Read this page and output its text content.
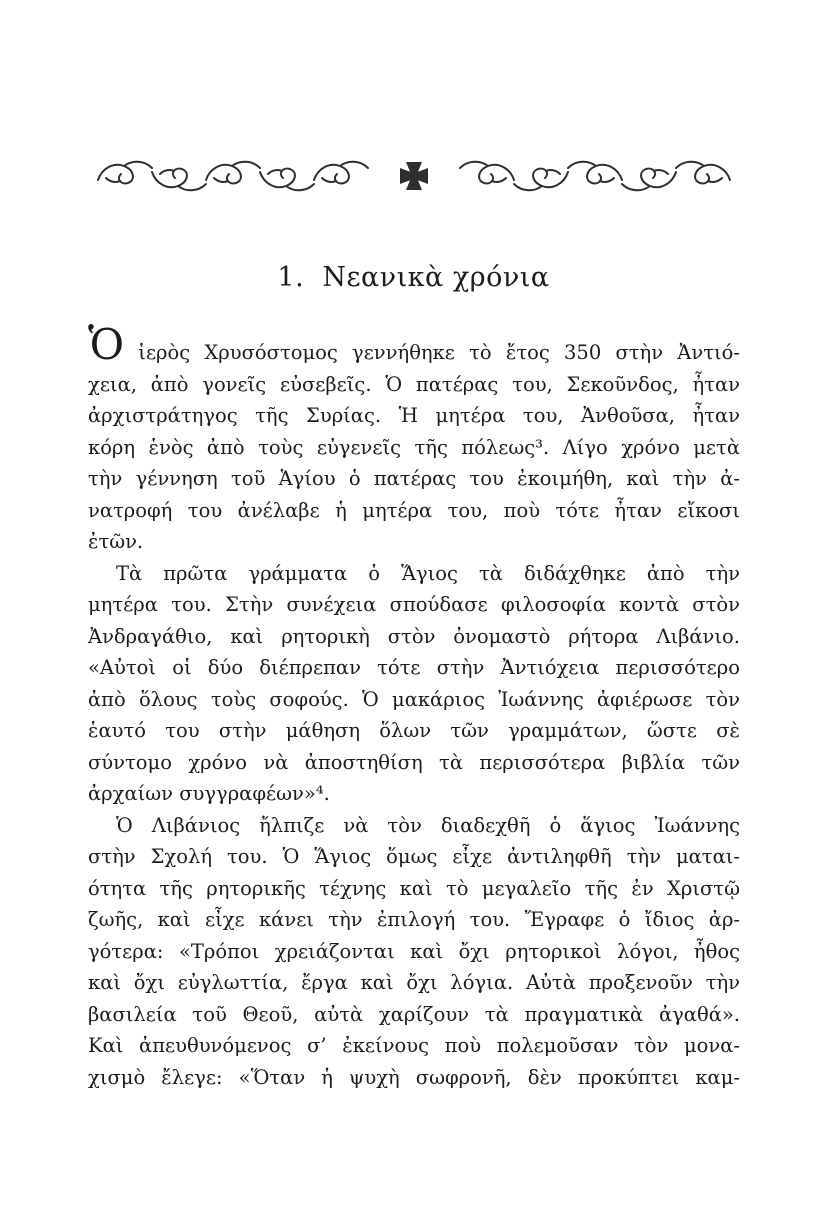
1.  Νεανικὰ χρόνια
Ὁ ἱερὸς Χρυσόστομος γεννήθηκε τὸ ἔτος 350 στὴν Ἀντιό-
χεια, ἀπὸ γονεῖς εὐσεβεῖς. Ὁ πατέρας του, Σεκοῦνδος, ἦταν
ἀρχιστράτηγος τῆς Συρίας. Ἡ μητέρα του, Ἀνθοῦσα, ἦταν
κόρη ἑνὸς ἀπὸ τοὺς εὐγενεῖς τῆς πόλεως³. Λίγο χρόνο μετὰ
τὴν γέννηση τοῦ Ἁγίου ὁ πατέρας του ἐκοιμήθη, καὶ τὴν ἀ-
νατροφή του ἀνέλαβε ἡ μητέρα του, ποὺ τότε ἦταν εἴκοσι
ἐτῶν.
Τὰ πρῶτα γράμματα ὁ Ἅγιος τὰ διδάχθηκε ἀπὸ τὴν
μητέρα του. Στὴν συνέχεια σπούδασε φιλοσοφία κοντὰ στὸν
Ἀνδραγάθιο, καὶ ρητορικὴ στὸν ὀνομαστὸ ρήτορα Λιβάνιο.
«Αὐτοὶ οἱ δύο διέπρεπαν τότε στὴν Ἀντιόχεια περισσότερο
ἀπὸ ὅλους τοὺς σοφούς. Ὁ μακάριος Ἰωάννης ἀφιέρωσε τὸν
ἑαυτό του στὴν μάθηση ὅλων τῶν γραμμάτων, ὥστε σὲ
σύντομο χρόνο νὰ ἀποστηθίση τὰ περισσότερα βιβλία τῶν
ἀρχαίων συγγραφέων»⁴.
Ὁ Λιβάνιος ἤλπιζε νὰ τὸν διαδεχθῆ ὁ ἅγιος Ἰωάννης
στὴν Σχολή του. Ὁ Ἅγιος ὅμως εἶχε ἀντιληφθῆ τὴν μαται-
ότητα τῆς ρητορικῆς τέχνης καὶ τὸ μεγαλεῖο τῆς ἐν Χριστῷ
ζωῆς, καὶ εἶχε κάνει τὴν ἐπιλογή του. Ἔγραφε ὁ ἴδιος ἀρ-
γότερα: «Τρόποι χρειάζονται καὶ ὄχι ρητορικοὶ λόγοι, ἦθος
καὶ ὄχι εὐγλωττία, ἔργα καὶ ὄχι λόγια. Αὐτὰ προξενοῦν τὴν
βασιλεία τοῦ Θεοῦ, αὐτὰ χαρίζουν τὰ πραγματικὰ ἀγαθά».
Καὶ ἀπευθυνόμενος σ’ ἐκείνους ποὺ πολεμοῦσαν τὸν μονα-
χισμὸ ἔλεγε: «Ὅταν ἡ ψυχὴ σωφρονῆ, δὲν προκύπτει καμ-
